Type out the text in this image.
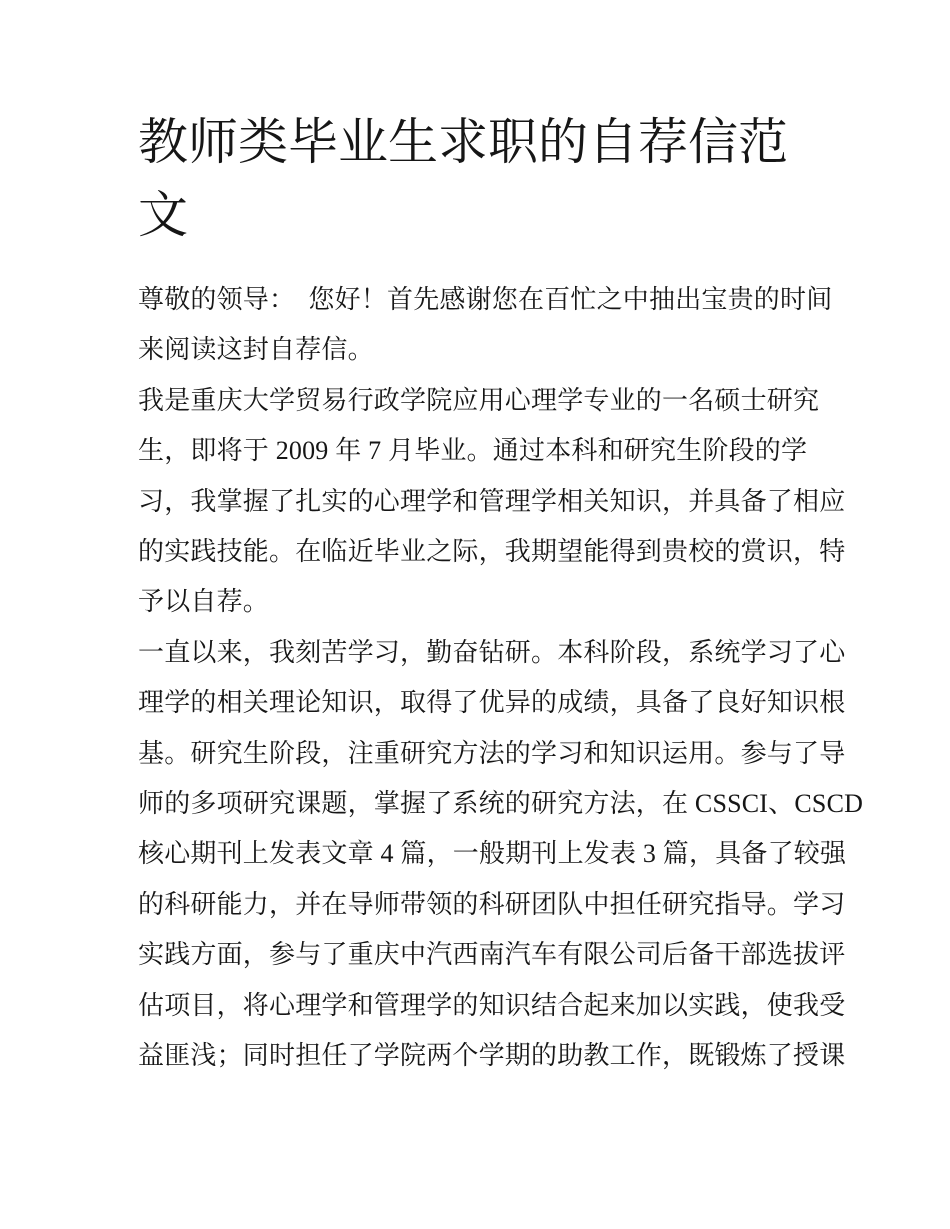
教师类毕业生求职的自荐信范
文
尊敬的领导：　您好！首先感谢您在百忙之中抽出宝贵的时间
来阅读这封自荐信。
我是重庆大学贸易行政学院应用心理学专业的一名硕士研究
生，即将于 2009 年 7 月毕业。通过本科和研究生阶段的学
习，我掌握了扎实的心理学和管理学相关知识，并具备了相应
的实践技能。在临近毕业之际，我期望能得到贵校的赏识，特
予以自荐。
一直以来，我刻苦学习，勤奋钻研。本科阶段，系统学习了心
理学的相关理论知识，取得了优异的成绩，具备了良好知识根
基。研究生阶段，注重研究方法的学习和知识运用。参与了导
师的多项研究课题，掌握了系统的研究方法，在 CSSCI、CSCD
核心期刊上发表文章 4 篇，一般期刊上发表 3 篇，具备了较强
的科研能力，并在导师带领的科研团队中担任研究指导。学习
实践方面，参与了重庆中汽西南汽车有限公司后备干部选拔评
估项目，将心理学和管理学的知识结合起来加以实践，使我受
益匪浅；同时担任了学院两个学期的助教工作，既锻炼了授课
